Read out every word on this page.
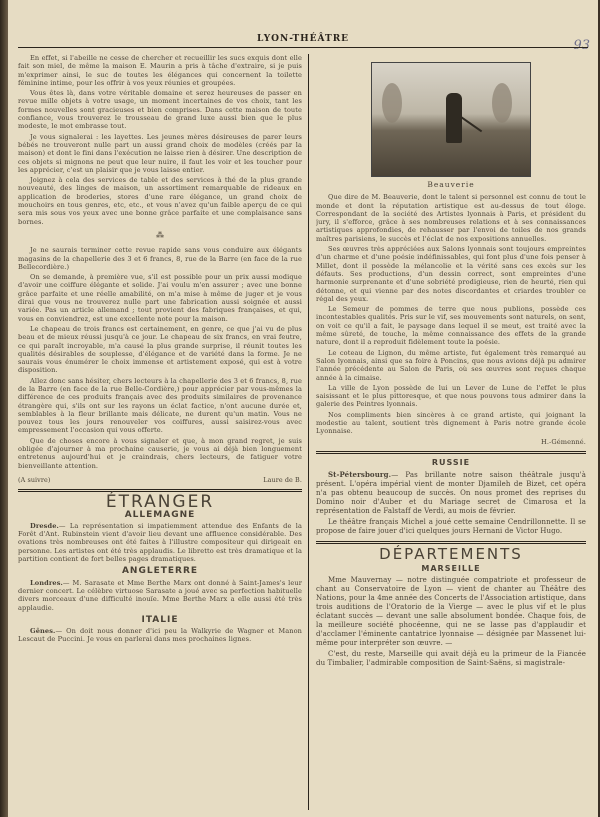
LYON-THÉÂTRE	93

En effet, si l'abeille ne cesse de chercher et recueillir les sucs exquis dont elle fait son miel, de même la maison E. Maurin a pris à tâche d'extraire, si je puis m'exprimer ainsi, le suc de toutes les élégances qui concernent la toilette féminine intime, pour les offrir à vos yeux réunies et groupées.

Vous êtes là, dans votre véritable domaine et serez heureuses de passer en revue mille objets à votre usage, un moment incertaines de vos choix, tant les formes nouvelles sont gracieuses et bien comprises. Dans cette maison de toute confiance, vous trouverez le trousseau de grand luxe aussi bien que le plus modeste, le mot embrasse tout.

Je vous signalerai : les layettes. Les jeunes mères désireuses de parer leurs bébés ne trouveront nulle part un aussi grand choix de modèles (créés par la maison) et dont le fini dans l'exécution ne laisse rien à désirer. Une description de ces objets si mignons ne peut que leur nuire, il faut les voir et les toucher pour les apprécier, c'est un plaisir que je vous laisse entier.

Joignez à cela des services de table et des services à thé de la plus grande nouveauté, des linges de maison, un assortiment remarquable de rideaux en application de broderies, stores d'une rare élégance, un grand choix de mouchoirs en tous genres, etc, etc., et vous n'avez qu'un faible aperçu de ce qui sera mis sous vos yeux avec une bonne grâce parfaite et une complaisance sans bornes.

⁂

Je ne saurais terminer cette revue rapide sans vous conduire aux élégants magasins de la chapellerie des 3 et 6 francs, 8, rue de la Barre (en face de la rue Bellecordière.)

On se demande, à première vue, s'il est possible pour un prix aussi modique d'avoir une coiffure élégante et solide. J'ai voulu m'en assurer ; avec une bonne grâce parfaite et une réelle amabilité, on m'a mise à même de juger et je vous dirai que vous ne trouverez nulle part une fabrication aussi soignée et aussi variée. Pas un article allemand ; tout provient des fabriques françaises, et qui, vous en conviendrez, est une excellente note pour la maison.

Le chapeau de trois francs est certainement, en genre, ce que j'ai vu de plus beau et de mieux réussi jusqu'à ce jour. Le chapeau de six francs, en vrai feutre, ce qui paraît incroyable, m'a causé la plus grande surprise, il réunit toutes les qualités désirables de souplesse, d'élégance et de variété dans la forme. Je ne saurais vous énumérer le choix immense et artistement exposé, qui est à votre disposition.

Allez donc sans hésiter, chers lecteurs à la chapellerie des 3 et 6 francs, 8, rue de la Barre (en face de la rue Belle-Cordière,) pour apprécier par vous-mêmes la différence de ces produits français avec des produits similaires de provenance étrangère qui, s'ils ont sur les rayons un éclat factice, n'ont aucune durée et, semblables à la fleur brillante mais délicate, ne durent qu'un matin. Vous ne pouvez tous les jours renouveler vos coiffures, aussi saisirez-vous avec empressement l'occasion qui vous offerte.

Que de choses encore à vous signaler et que, à mon grand regret, je suis obligée d'ajourner à ma prochaine causerie, je vous ai déjà bien longuement entretenus aujourd'hui et je craindrais, chers lecteurs, de fatiguer votre bienveillante attention.

(A suivre)	Laure de B.
ÉTRANGER
ALLEMAGNE

Dresde.— La représentation si impatiemment attendue des Enfants de la Forêt d'Ant. Rubinstein vient d'avoir lieu devant une affluence considérable. Des ovations très nombreuses ont été faites à l'illustre compositeur qui dirigeait en personne. Les artistes ont été très applaudis. Le libretto est très dramatique et la partition contient de fort belles pages dramatiques.

ANGLETERRE

Londres.— M. Sarasate et Mme Berthe Marx ont donné à Saint-James's leur dernier concert. Le célèbre virtuose Sarasate a joué avec sa perfection habituelle divers morceaux d'une difficulté inouïe. Mme Berthe Marx a elle aussi été très applaudie.

ITALIE

Gênes.— On doit nous donner d'ici peu la Walkyrie de Wagner et Manon Lescaut de Puccini. Je vous en parlerai dans mes prochaines lignes.

Beauverie

Que dire de M. Beauverie, dont le talent si personnel est connu de tout le monde et dont la réputation artistique est au-dessus de tout éloge. Correspondant de la société des Artistes lyonnais à Paris, et président du jury, il s'efforce, grâce à ses nombreuses relations et à ses connaissances artistiques approfondies, de rehausser par l'envoi de toiles de nos grands maîtres parisiens, le succès et l'éclat de nos expositions annuelles.

Ses œuvres très appréciées aux Salons lyonnais sont toujours empreintes d'un charme et d'une poésie indéfinissables, qui font plus d'une fois penser à Millet, dont il possède la mélancolie et la vérité sans ces excès sur les défauts. Ses productions, d'un dessin correct, sont empreintes d'une harmonie surprenante et d'une sobriété prodigieuse, rien de heurté, rien qui détonne, et qui vienne par des notes discordantes et criardes troubler ce régal des yeux.

Le Semeur de pommes de terre que nous publions, possède ces incontestables qualités. Pris sur le vif, ses mouvements sont naturels, on sent, on voit ce qu'il a fait, le paysage dans lequel il se meut, est traité avec la même sûreté, de touche, la même connaissance des effets de la grande nature, dont il a reproduit fidèlement toute la poésie.

Le coteau de Lignon, du même artiste, fut également très remarqué au Salon lyonnais, ainsi que sa foire à Poncins, que nous avions déjà pu admirer l'année précédente au Salon de Paris, où ses œuvres sont reçues chaque année à la cimaise.

La ville de Lyon possède de lui un Lever de Lune de l'effet le plus saisissant et le plus pittoresque, et que nous pouvons tous admirer dans la galerie des Peintres lyonnais.

Nos compliments bien sincères à ce grand artiste, qui joignant la modestie au talent, soutient très dignement à Paris notre grande école Lyonnaise.

H.-Gémenné.

RUSSIE

St-Pétersbourg.— Pas brillante notre saison théâtrale jusqu'à présent. L'opéra impérial vient de monter Djamileh de Bizet, cet opéra n'a pas obtenu beaucoup de succès. On nous promet des reprises du Domino noir d'Auber et du Mariage secret de Cimarosa et la représentation de Falstaff de Verdi, au mois de février.

Le théâtre français Michel a joué cette semaine Cendrillonnette. Il se propose de faire jouer d'ici quelques jours Hernani de Victor Hugo.

DÉPARTEMENTS
MARSEILLE

Mme Mauvernay — notre distinguée compatriote et professeur de chant au Conservatoire de Lyon — vient de chanter au Théâtre des Nations, pour la 4me année des Concerts de l'Association artistique, dans trois auditions de l'Oratorio de la Vierge — avec le plus vif et le plus éclatant succès — devant une salle absolument bondée. Chaque fois, de la meilleure société phocéenne, qui ne se lasse pas d'applaudir et d'acclamer l'éminente cantatrice lyonnaise — désignée par Massenet lui-même pour interpréter son œuvre. —

C'est, du reste, Marseille qui avait déjà eu la primeur de la Fiancée du Timbalier, l'admirable composition de Saint-Saëns, si magistrale-
